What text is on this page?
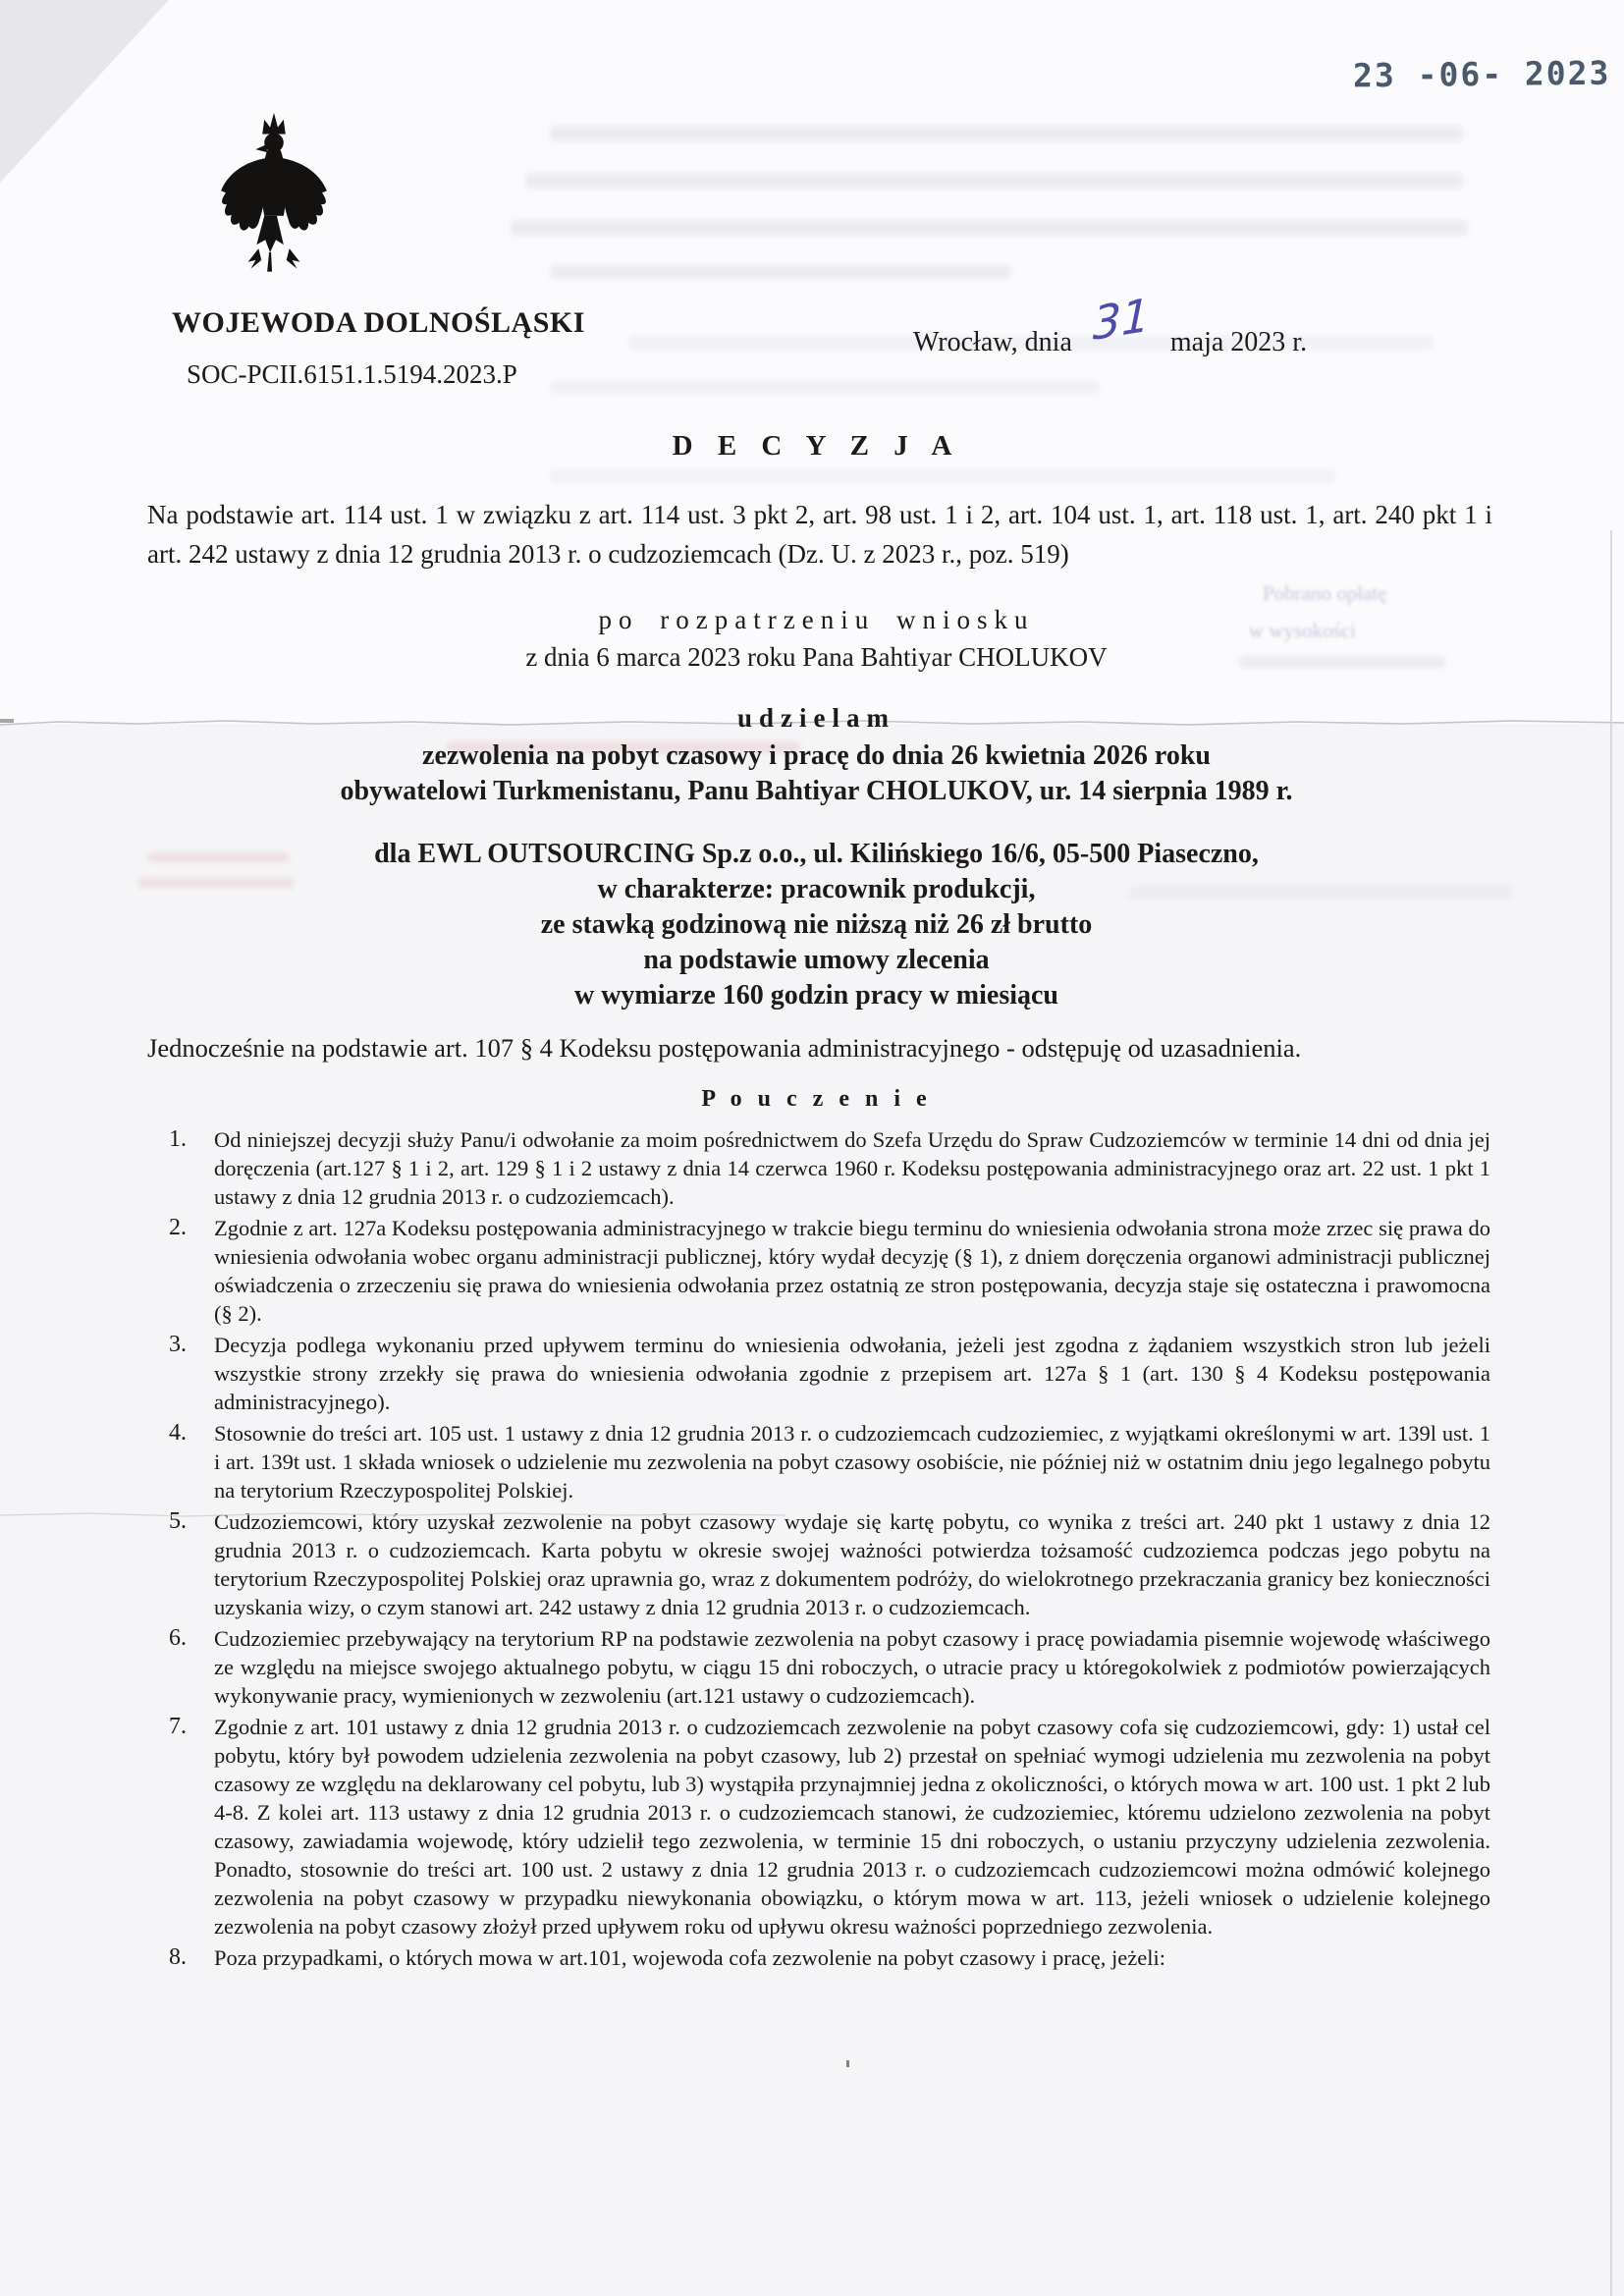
Pobrano opłatę
w wysokości
23 -06- 2023
WOJEWODA DOLNOŚLĄSKI
Wrocław, dnia 31 maja 2023 r.
SOC-PCII.6151.1.5194.2023.P
D E C Y Z J A
Na podstawie art. 114 ust. 1 w związku z art. 114 ust. 3 pkt 2, art. 98 ust. 1 i 2, art. 104 ust. 1, art. 118 ust. 1, art. 240 pkt 1 i art. 242 ustawy z dnia 12 grudnia 2013 r. o cudzoziemcach (Dz. U. z 2023 r., poz. 519)
po rozpatrzeniu wniosku
z dnia 6 marca 2023 roku Pana Bahtiyar CHOLUKOV
udzielam
zezwolenia na pobyt czasowy i pracę do dnia 26 kwietnia 2026 roku
obywatelowi Turkmenistanu, Panu Bahtiyar CHOLUKOV, ur. 14 sierpnia 1989 r.
dla EWL OUTSOURCING Sp.z o.o., ul. Kilińskiego 16/6, 05-500 Piaseczno,
w charakterze: pracownik produkcji,
ze stawką godzinową nie niższą niż 26 zł brutto
na podstawie umowy zlecenia
w wymiarze 160 godzin pracy w miesiącu
Jednocześnie na podstawie art. 107 § 4 Kodeksu postępowania administracyjnego - odstępuję od uzasadnienia.
P o u c z e n i e
1.	Od niniejszej decyzji służy Panu/i odwołanie za moim pośrednictwem do Szefa Urzędu do Spraw Cudzoziemców w terminie 14 dni od dnia jej doręczenia (art.127 § 1 i 2, art. 129 § 1 i 2 ustawy z dnia 14 czerwca 1960 r. Kodeksu postępowania administracyjnego oraz art. 22 ust. 1 pkt 1 ustawy z dnia 12 grudnia 2013 r. o cudzoziemcach).
2.	Zgodnie z art. 127a Kodeksu postępowania administracyjnego w trakcie biegu terminu do wniesienia odwołania strona może zrzec się prawa do wniesienia odwołania wobec organu administracji publicznej, który wydał decyzję (§ 1), z dniem doręczenia organowi administracji publicznej oświadczenia o zrzeczeniu się prawa do wniesienia odwołania przez ostatnią ze stron postępowania, decyzja staje się ostateczna i prawomocna (§ 2).
3.	Decyzja podlega wykonaniu przed upływem terminu do wniesienia odwołania, jeżeli jest zgodna z żądaniem wszystkich stron lub jeżeli wszystkie strony zrzekły się prawa do wniesienia odwołania zgodnie z przepisem art. 127a § 1 (art. 130 § 4 Kodeksu postępowania administracyjnego).
4.	Stosownie do treści art. 105 ust. 1 ustawy z dnia 12 grudnia 2013 r. o cudzoziemcach cudzoziemiec, z wyjątkami określonymi w art. 139l ust. 1 i art. 139t ust. 1 składa wniosek o udzielenie mu zezwolenia na pobyt czasowy osobiście, nie później niż w ostatnim dniu jego legalnego pobytu na terytorium Rzeczypospolitej Polskiej.
5.	Cudzoziemcowi, który uzyskał zezwolenie na pobyt czasowy wydaje się kartę pobytu, co wynika z treści art. 240 pkt 1 ustawy z dnia 12 grudnia 2013 r. o cudzoziemcach. Karta pobytu w okresie swojej ważności potwierdza tożsamość cudzoziemca podczas jego pobytu na terytorium Rzeczypospolitej Polskiej oraz uprawnia go, wraz z dokumentem podróży, do wielokrotnego przekraczania granicy bez konieczności uzyskania wizy, o czym stanowi art. 242 ustawy z dnia 12 grudnia 2013 r. o cudzoziemcach.
6.	Cudzoziemiec przebywający na terytorium RP na podstawie zezwolenia na pobyt czasowy i pracę powiadamia pisemnie wojewodę właściwego ze względu na miejsce swojego aktualnego pobytu, w ciągu 15 dni roboczych, o utracie pracy u któregokolwiek z podmiotów powierzających wykonywanie pracy, wymienionych w zezwoleniu (art.121 ustawy o cudzoziemcach).
7.	Zgodnie z art. 101 ustawy z dnia 12 grudnia 2013 r. o cudzoziemcach zezwolenie na pobyt czasowy cofa się cudzoziemcowi, gdy: 1) ustał cel pobytu, który był powodem udzielenia zezwolenia na pobyt czasowy, lub 2) przestał on spełniać wymogi udzielenia mu zezwolenia na pobyt czasowy ze względu na deklarowany cel pobytu, lub 3) wystąpiła przynajmniej jedna z okoliczności, o których mowa w art. 100 ust. 1 pkt 2 lub 4-8. Z kolei art. 113 ustawy z dnia 12 grudnia 2013 r. o cudzoziemcach stanowi, że cudzoziemiec, któremu udzielono zezwolenia na pobyt czasowy, zawiadamia wojewodę, który udzielił tego zezwolenia, w terminie 15 dni roboczych, o ustaniu przyczyny udzielenia zezwolenia. Ponadto, stosownie do treści art. 100 ust. 2 ustawy z dnia 12 grudnia 2013 r. o cudzoziemcach cudzoziemcowi można odmówić kolejnego zezwolenia na pobyt czasowy w przypadku niewykonania obowiązku, o którym mowa w art. 113, jeżeli wniosek o udzielenie kolejnego zezwolenia na pobyt czasowy złożył przed upływem roku od upływu okresu ważności poprzedniego zezwolenia.
8.	Poza przypadkami, o których mowa w art.101, wojewoda cofa zezwolenie na pobyt czasowy i pracę, jeżeli:
